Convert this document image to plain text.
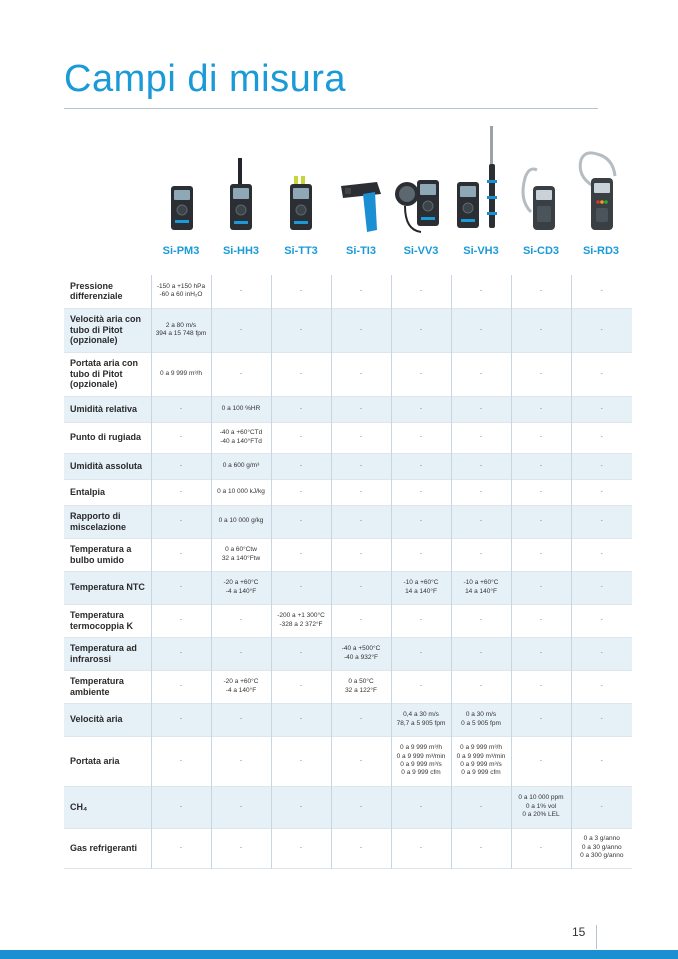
Campi di misura
Si-PM3	Si-HH3	Si-TT3	Si-TI3	Si-VV3	Si-VH3	Si-CD3	Si-RD3
Pressione differenziale	-150 a +150 hPa
-60 a 60 inH₂O	-	-	-	-	-	-	-
Velocità aria con tubo di Pitot (opzionale)	2 a 80 m/s
394 a 15 748 fpm	-	-	-	-	-	-	-
Portata aria con tubo di Pitot (opzionale)	0 a 9 999 m³/h	-	-	-	-	-	-	-
Umidità relativa	-	0 a 100 %HR	-	-	-	-	-	-
Punto di rugiada	-	-40 a +60°CTd
-40 a 140°FTd	-	-	-	-	-	-
Umidità assoluta	-	0 a 600 g/m³	-	-	-	-	-	-
Entalpia	-	0 a 10 000 kJ/kg	-	-	-	-	-	-
Rapporto di miscelazione	-	0 a 10 000 g/kg	-	-	-	-	-	-
Temperatura a bulbo umido	-	0 a 60°Ctw
32 a 140°Ftw	-	-	-	-	-	-
Temperatura NTC	-	-20 a +60°C
-4 a 140°F	-	-	-10 a +60°C
14 a 140°F	-10 a +60°C
14 a 140°F	-	-
Temperatura termocoppia K	-	-	-200 a +1 300°C
-328 a 2 372°F	-	-	-	-	-
Temperatura ad infrarossi	-	-	-	-40 a +500°C
-40 a 932°F	-	-	-	-
Temperatura ambiente	-	-20 a +60°C
-4 a 140°F	-	0 a 50°C
32 a 122°F	-	-	-	-
Velocità aria	-	-	-	-	0,4 a 30 m/s
78,7 a 5 905 fpm	0 a 30 m/s
0 a 5 905 fpm	-	-
Portata aria	-	-	-	-	0 a 9 999 m³/h
0 a 9 999 m³/min
0 a 9 999 m³/s
0 a 9 999 cfm	0 a 9 999 m³/h
0 a 9 999 m³/min
0 a 9 999 m³/s
0 a 9 999 cfm	-	-
CH₄	-	-	-	-	-	-	0 a 10 000 ppm
0 a 1% vol
0 a 20% LEL	-
Gas refrigeranti	-	-	-	-	-	-	-	0 a 3 g/anno
0 a 30 g/anno
0 a 300 g/anno
15
